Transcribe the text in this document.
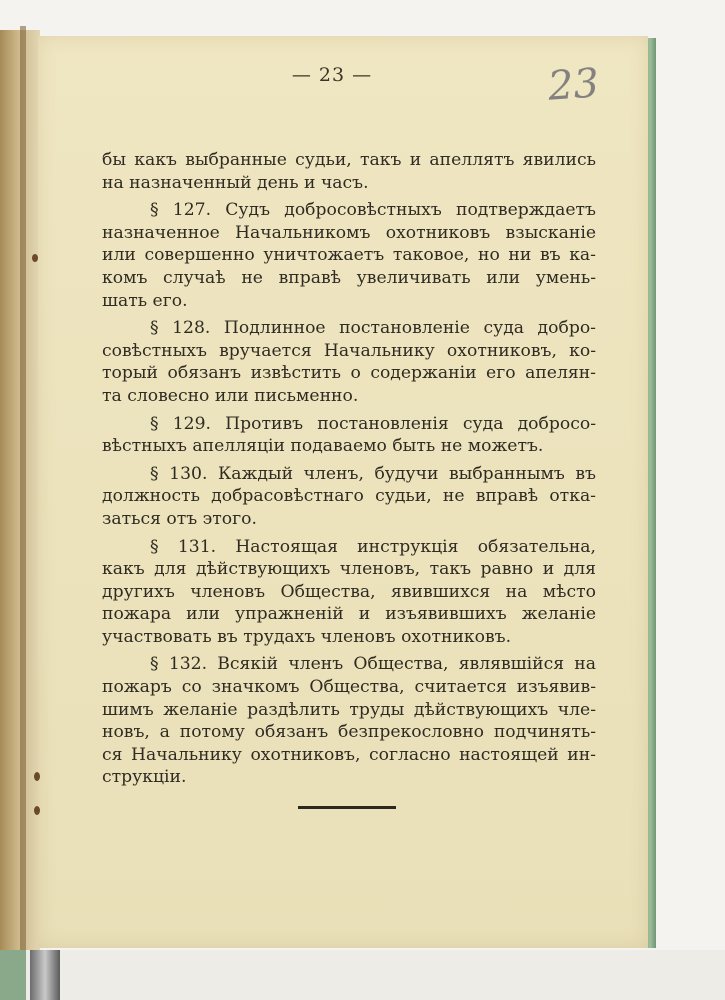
— 23 —	23
бы какъ выбранные судьи, такъ и апеллятъ явились
на назначенный день и часъ.
§ 127. Судъ добросовѣстныхъ подтверждаетъ
назначенное Начальникомъ охотниковъ взысканіе
или совершенно уничтожаетъ таковое, но ни въ ка-
комъ случаѣ не вправѣ увеличивать или умень-
шать его.
§ 128. Подлинное постановленіе суда добро-
совѣстныхъ вручается Начальнику охотниковъ, ко-
торый обязанъ извѣстить о содержаніи его апелян-
та словесно или письменно.
§ 129. Противъ постановленія суда добросо-
вѣстныхъ апелляціи подаваемо быть не можетъ.
§ 130. Каждый членъ, будучи выбраннымъ въ
должность добрасовѣстнаго судьи, не вправѣ отка-
заться отъ этого.
§ 131. Настоящая инструкція обязательна,
какъ для дѣйствующихъ членовъ, такъ равно и для
другихъ членовъ Общества, явившихся на мѣсто
пожара или упражненій и изъявившихъ желаніе
участвовать въ трудахъ членовъ охотниковъ.
§ 132. Всякій членъ Общества, являвшійся на
пожаръ со значкомъ Общества, считается изъявив-
шимъ желаніе раздѣлить труды дѣйствующихъ чле-
новъ, а потому обязанъ безпрекословно подчинять-
ся Начальнику охотниковъ, согласно настоящей ин-
струкціи.
